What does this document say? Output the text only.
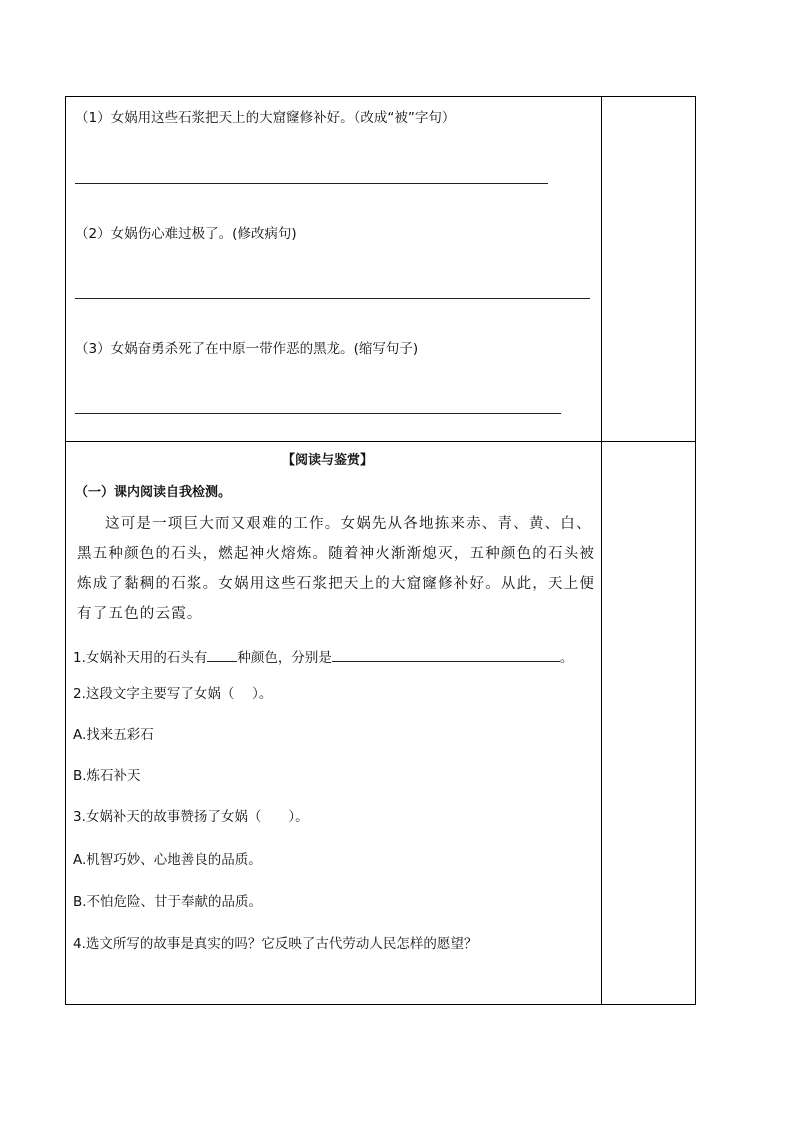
（1）女娲用这些石浆把天上的大窟窿修补好。（改成“被”字句）
（2）女娲伤心难过极了。(修改病句)
（3）女娲奋勇杀死了在中原一带作恶的黑龙。(缩写句子)
【阅读与鉴赏】
（一）课内阅读自我检测。
这可是一项巨大而又艰难的工作。女娲先从各地拣来赤、青、黄、白、黑五种颜色的石头，燃起神火熔炼。随着神火渐渐熄灭，五种颜色的石头被炼成了黏稠的石浆。女娲用这些石浆把天上的大窟窿修补好。从此，天上便有了五色的云霞。
1.女娲补天用的石头有 种颜色，分别是	。
2.这段文字主要写了女娲（　 ）。
A.找来五彩石
B.炼石补天
3.女娲补天的故事赞扬了女娲（　　）。
A.机智巧妙、心地善良的品质。
B.不怕危险、甘于奉献的品质。
4.选文所写的故事是真实的吗？它反映了古代劳动人民怎样的愿望？
